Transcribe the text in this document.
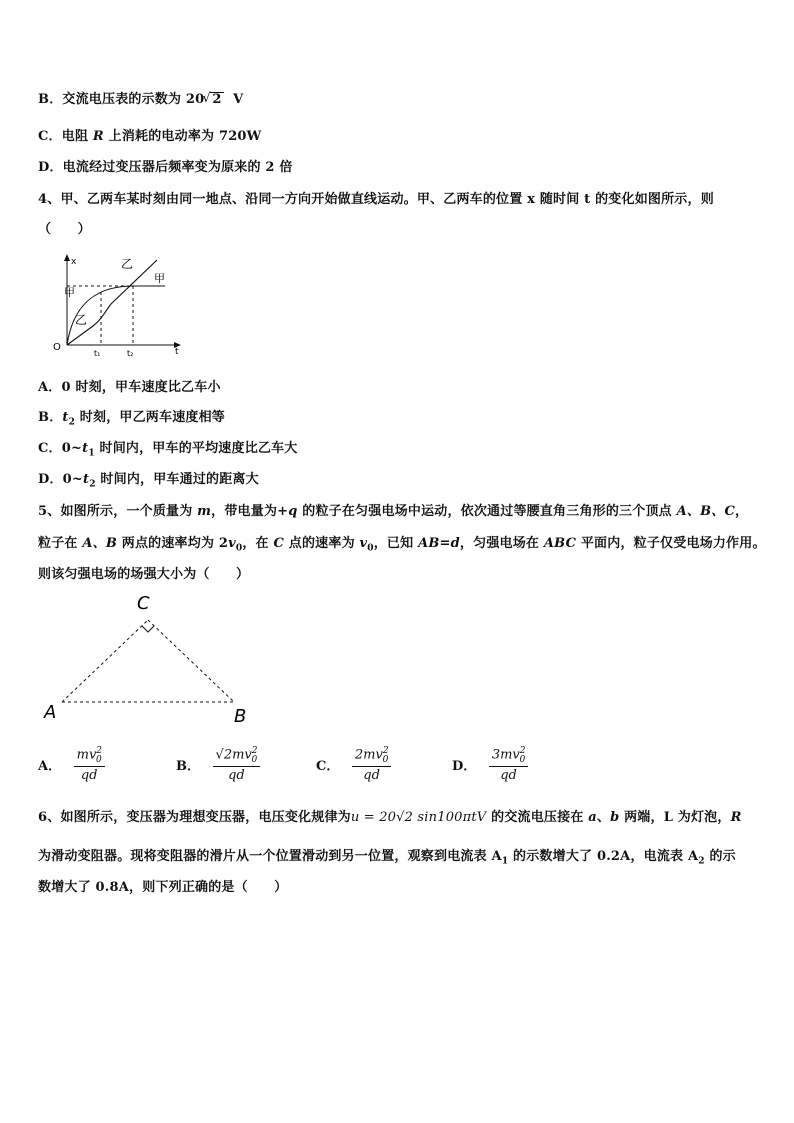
B．交流电压表的示数为 20√ 2 V
C．电阻 R 上消耗的电动率为 720W
D．电流经过变压器后频率变为原来的 2 倍
4、甲、乙两车某时刻由同一地点、沿同一方向开始做直线运动。甲、乙两车的位置 x 随时间 t 的变化如图所示，则
（　　）
x
t
O
t₁	t₂
甲
乙
甲
乙
A．0 时刻，甲车速度比乙车小
B．$t_2$ 时刻，甲乙两车速度相等
C．$0\sim t_1$ 时间内，甲车的平均速度比乙车大
D．$0\sim t_2$ 时间内，甲车通过的距离大
5、如图所示，一个质量为 m，带电量为+q 的粒子在匀强电场中运动，依次通过等腰直角三角形的三个顶点 A、B、C，
粒子在 A、B 两点的速率均为 $2v_0$，在 C 点的速率为 $v_0$，已知 AB=d，匀强电场在 ABC 平面内，粒子仅受电场力作用。
则该匀强电场的场强大小为（　　）
A	B
C
A． $\frac{mv^2_0}{qd}$	B． $\frac{√2mv^2_0}{qd}$	C． $\frac{2mv^2_0}{qd}$	D． $\frac{3mv^2_0}{qd}$
6、如图所示，变压器为理想变压器，电压变化规律为u = 20√2 sin100πtV 的交流电压接在 a、b 两端，L 为灯泡，R
为滑动变阻器。现将变阻器的滑片从一个位置滑动到另一位置，观察到电流表 $A_1$ 的示数增大了 0.2A，电流表 $A_2$ 的示
数增大了 0.8A，则下列正确的是（　　）
